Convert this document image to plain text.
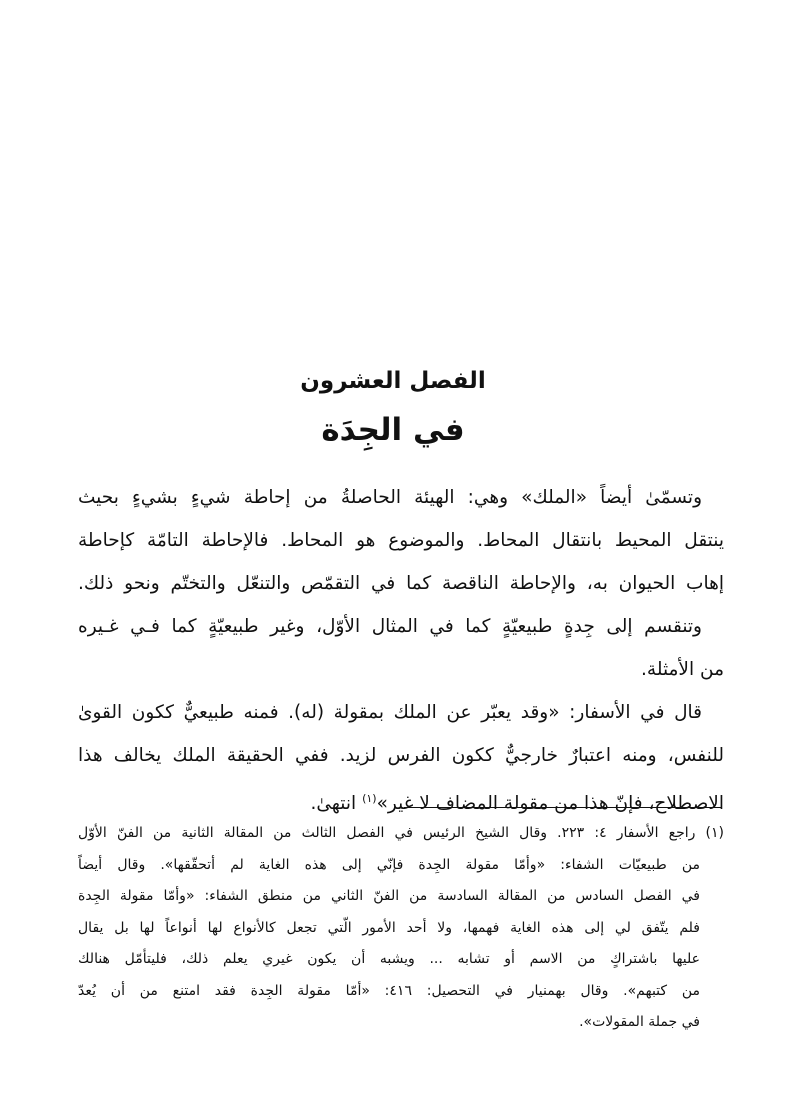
الفصل العشرون
في الجِدَة
وتسمّىٰ أيضاً «الملك» وهي: الهيئة الحاصلةُ من إحاطة شيءٍ بشيءٍ بحيث
ينتقل المحيط بانتقال المحاط. والموضوع هو المحاط. فالإحاطة التامّة كإحاطة
إهاب الحيوان به، والإحاطة الناقصة كما في التقمّص والتنعّل والتختّم ونحو ذلك.
وتنقسم إلى جِدةٍ طبيعيّةٍ كما في المثال الأوّل، وغير طبيعيّةٍ كما فـي غـيره
من الأمثلة.
قال في الأسفار: «وقد يعبّر عن الملك بمقولة (له). فمنه طبيعيٌّ ككون القوىٰ
للنفس، ومنه اعتبارٌ خارجيٌّ ككون الفرس لزيد. ففي الحقيقة الملك يخالف هذا
الاصطلاح، فإنّ هذا من مقولة المضاف لا غير»$^{(١)}$ انتهىٰ.
(١) راجع الأسفار ٤: ٢٢٣. وقال الشيخ الرئيس في الفصل الثالث من المقالة الثانية من الفنّ الأوّل
من طبيعيّات الشفاء: «وأمّا مقولة الجِدة فإنّي إلى هذه الغاية لم أتحقّقها». وقال أيضاً
في الفصل السادس من المقالة السادسة من الفنّ الثاني من منطق الشفاء: «وأمّا مقولة الجِدة
فلم يتّفق لي إلى هذه الغاية فهمها، ولا أحد الأمور الّتي تجعل كالأنواع لها أنواعاً لها بل يقال
عليها باشتراكٍ من الاسم أو تشابه ... ويشبه أن يكون غيري يعلم ذلك، فليتأمّل هنالك
من كتبهم». وقال بهمنيار في التحصيل: ٤١٦: «أمّا مقولة الجِدة فقد امتنع من أن يُعدّ
في جملة المقولات».
